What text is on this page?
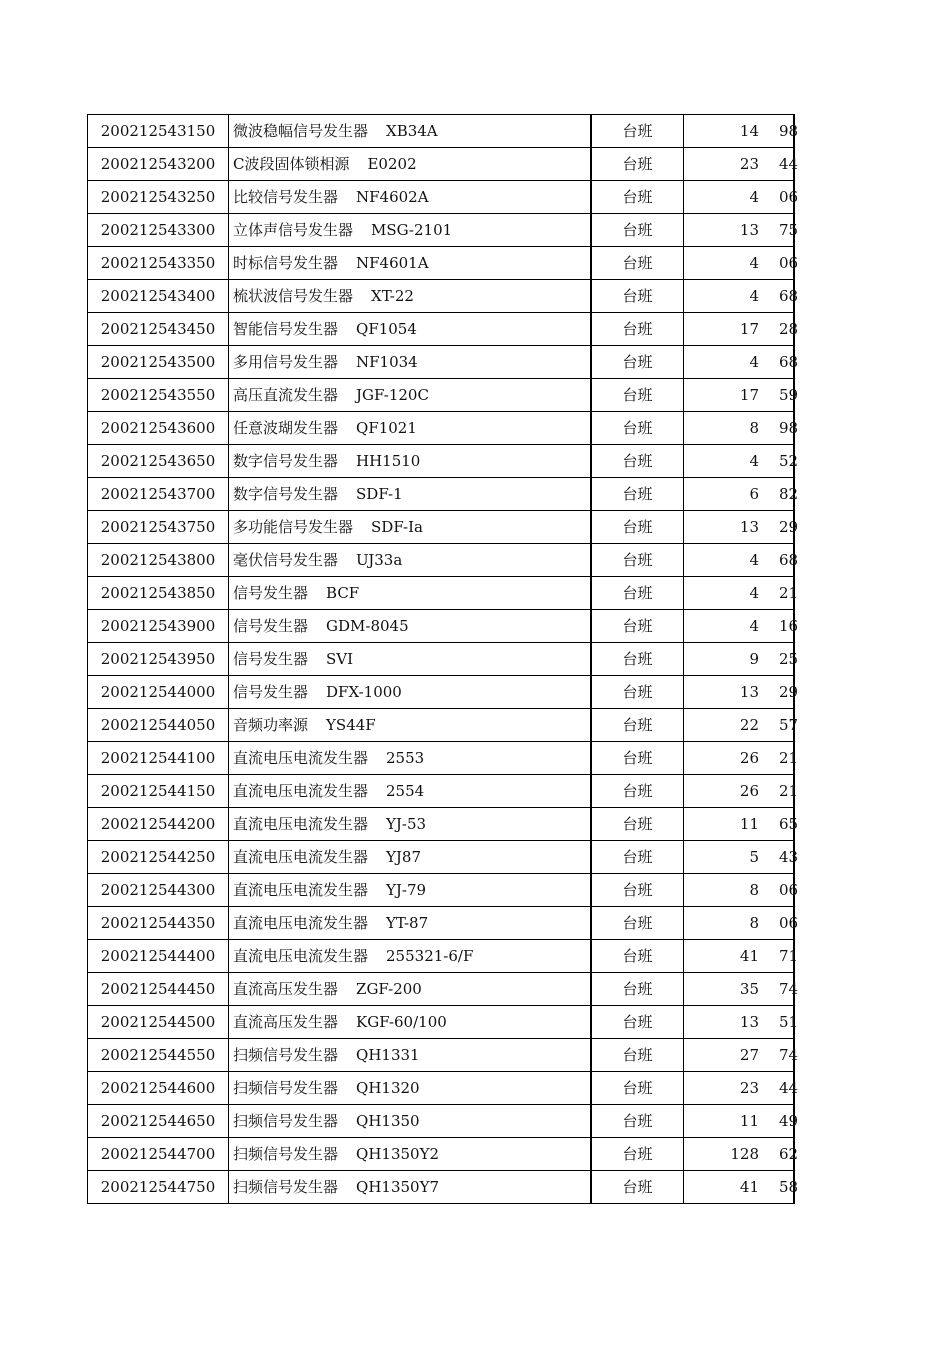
200212543150	微波稳幅信号发生器 XB34A	台班	14 98

200212543200	C波段固体锁相源 E0202	台班	23 44

200212543250	比较信号发生器 NF4602A	台班	4 06

200212543300	立体声信号发生器 MSG-2101	台班	13 75

200212543350	时标信号发生器 NF4601A	台班	4 06

200212543400	梳状波信号发生器 XT-22	台班	4 68

200212543450	智能信号发生器 QF1054	台班	17 28

200212543500	多用信号发生器 NF1034	台班	4 68

200212543550	高压直流发生器 JGF-120C	台班	17 59

200212543600	任意波瑚发生器 QF1021	台班	8 98

200212543650	数字信号发生器 HH1510	台班	4 52

200212543700	数字信号发生器 SDF-1	台班	6 82

200212543750	多功能信号发生器 SDF-Ia	台班	13 29

200212543800	毫伏信号发生器 UJ33a	台班	4 68

200212543850	信号发生器 BCF	台班	4 21

200212543900	信号发生器 GDM-8045	台班	4 16

200212543950	信号发生器 SVI	台班	9 25

200212544000	信号发生器 DFX-1000	台班	13 29

200212544050	音频功率源 YS44F	台班	22 57

200212544100	直流电压电流发生器 2553	台班	26 21

200212544150	直流电压电流发生器 2554	台班	26 21

200212544200	直流电压电流发生器 YJ-53	台班	11 65

200212544250	直流电压电流发生器 YJ87	台班	5 43

200212544300	直流电压电流发生器 YJ-79	台班	8 06

200212544350	直流电压电流发生器 YT-87	台班	8 06

200212544400	直流电压电流发生器 255321-6/F	台班	41 71

200212544450	直流高压发生器 ZGF-200	台班	35 74

200212544500	直流高压发生器 KGF-60/100	台班	13 51

200212544550	扫频信号发生器 QH1331	台班	27 74

200212544600	扫频信号发生器 QH1320	台班	23 44

200212544650	扫频信号发生器 QH1350	台班	11 49

200212544700	扫频信号发生器 QH1350Y2	台班	128 62

200212544750	扫频信号发生器 QH1350Y7	台班	41 58
